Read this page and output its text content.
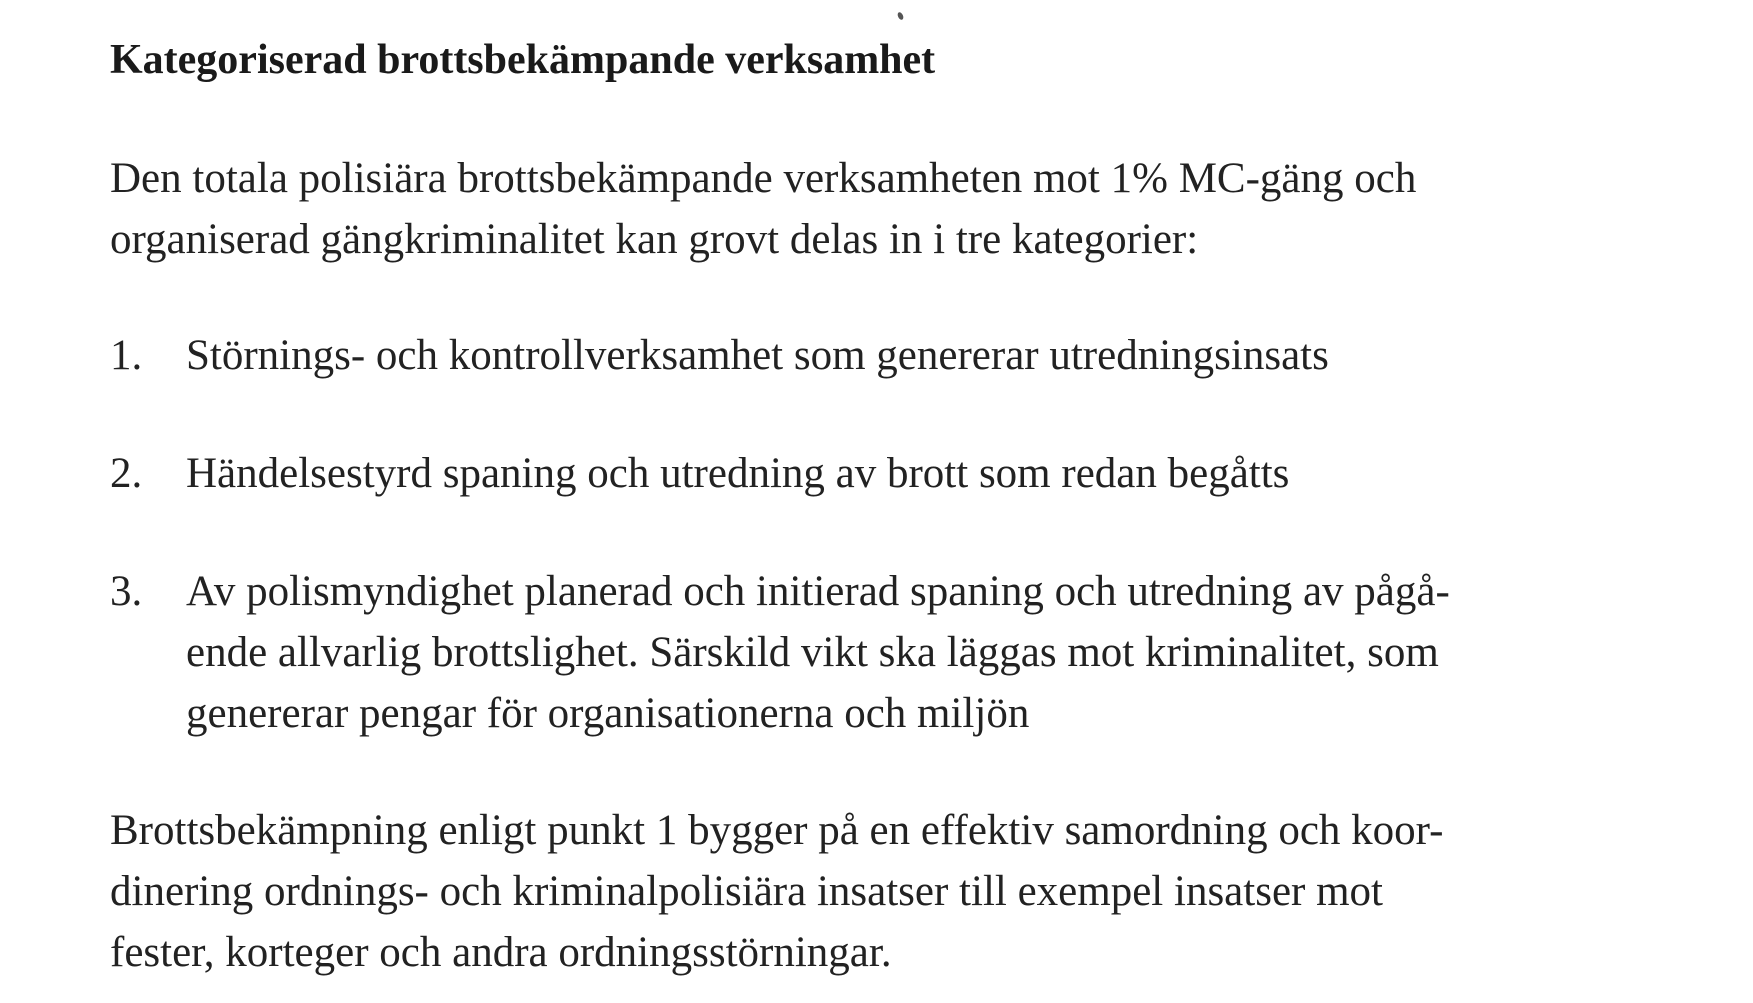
Kategoriserad brottsbekämpande verksamhet

Den totala polisiära brottsbekämpande verksamheten mot 1% MC-gäng och
organiserad gängkriminalitet kan grovt delas in i tre kategorier:

1. Störnings- och kontrollverksamhet som genererar utredningsinsats
2. Händelsestyrd spaning och utredning av brott som redan begåtts
3. Av polismyndighet planerad och initierad spaning och utredning av pågå-
ende allvarlig brottslighet. Särskild vikt ska läggas mot kriminalitet, som
genererar pengar för organisationerna och miljön

Brottsbekämpning enligt punkt 1 bygger på en effektiv samordning och koor-
dinering ordnings- och kriminalpolisiära insatser till exempel insatser mot
fester, korteger och andra ordningsstörningar.
